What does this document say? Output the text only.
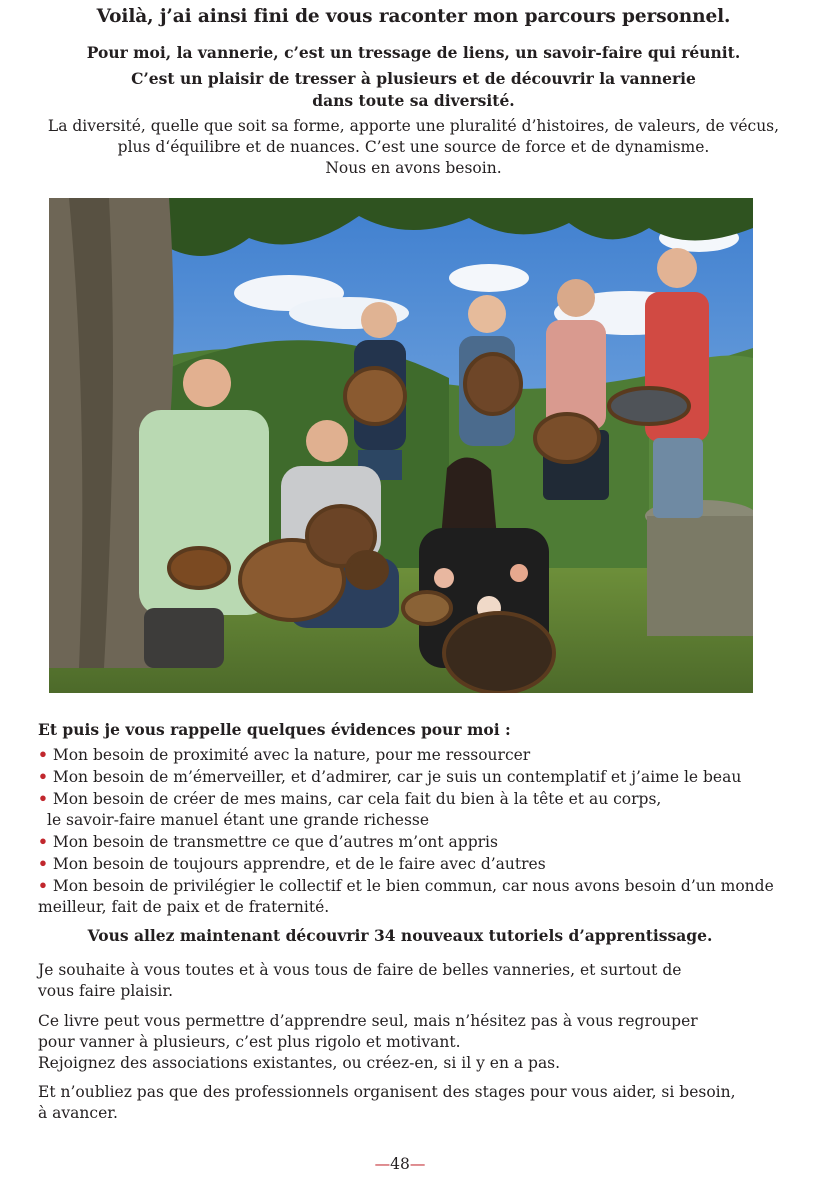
Voilà, j’ai ainsi fini de vous raconter mon parcours personnel.
Pour moi, la vannerie, c’est un tressage de liens, un savoir-faire qui réunit.
C’est un plaisir de tresser à plusieurs et de découvrir la vannerie
dans toute sa diversité.
La diversité, quelle que soit sa forme, apporte une pluralité d’histoires, de valeurs, de vécus,
plus d‘équilibre et de nuances. C’est une source de force et de dynamisme.
Nous en avons besoin.
Et puis je vous rappelle quelques évidences pour moi :
• Mon besoin de proximité avec la nature, pour me ressourcer
• Mon besoin de m’émerveiller, et d’admirer, car je suis un contemplatif et j’aime le beau
• Mon besoin de créer de mes mains, car cela fait du bien à la tête et au corps,
le savoir-faire manuel étant une grande richesse
• Mon besoin de transmettre ce que d’autres m’ont appris
• Mon besoin de toujours apprendre, et de le faire avec d’autres
• Mon besoin de privilégier le collectif et le bien commun, car nous avons besoin d’un monde
meilleur, fait de paix et de fraternité.
Vous allez maintenant découvrir 34 nouveaux tutoriels d’apprentissage.

Je souhaite à vous toutes et à vous tous de faire de belles vanneries, et surtout de

vous faire plaisir.

Ce livre peut vous permettre d’apprendre seul, mais n’hésitez pas à vous regrouper

pour vanner à plusieurs, c’est plus rigolo et motivant.

Rejoignez des associations existantes, ou créez-en, si il y en a pas.

Et n’oubliez pas que des professionnels organisent des stages pour vous aider, si besoin,

à avancer.

—48—
